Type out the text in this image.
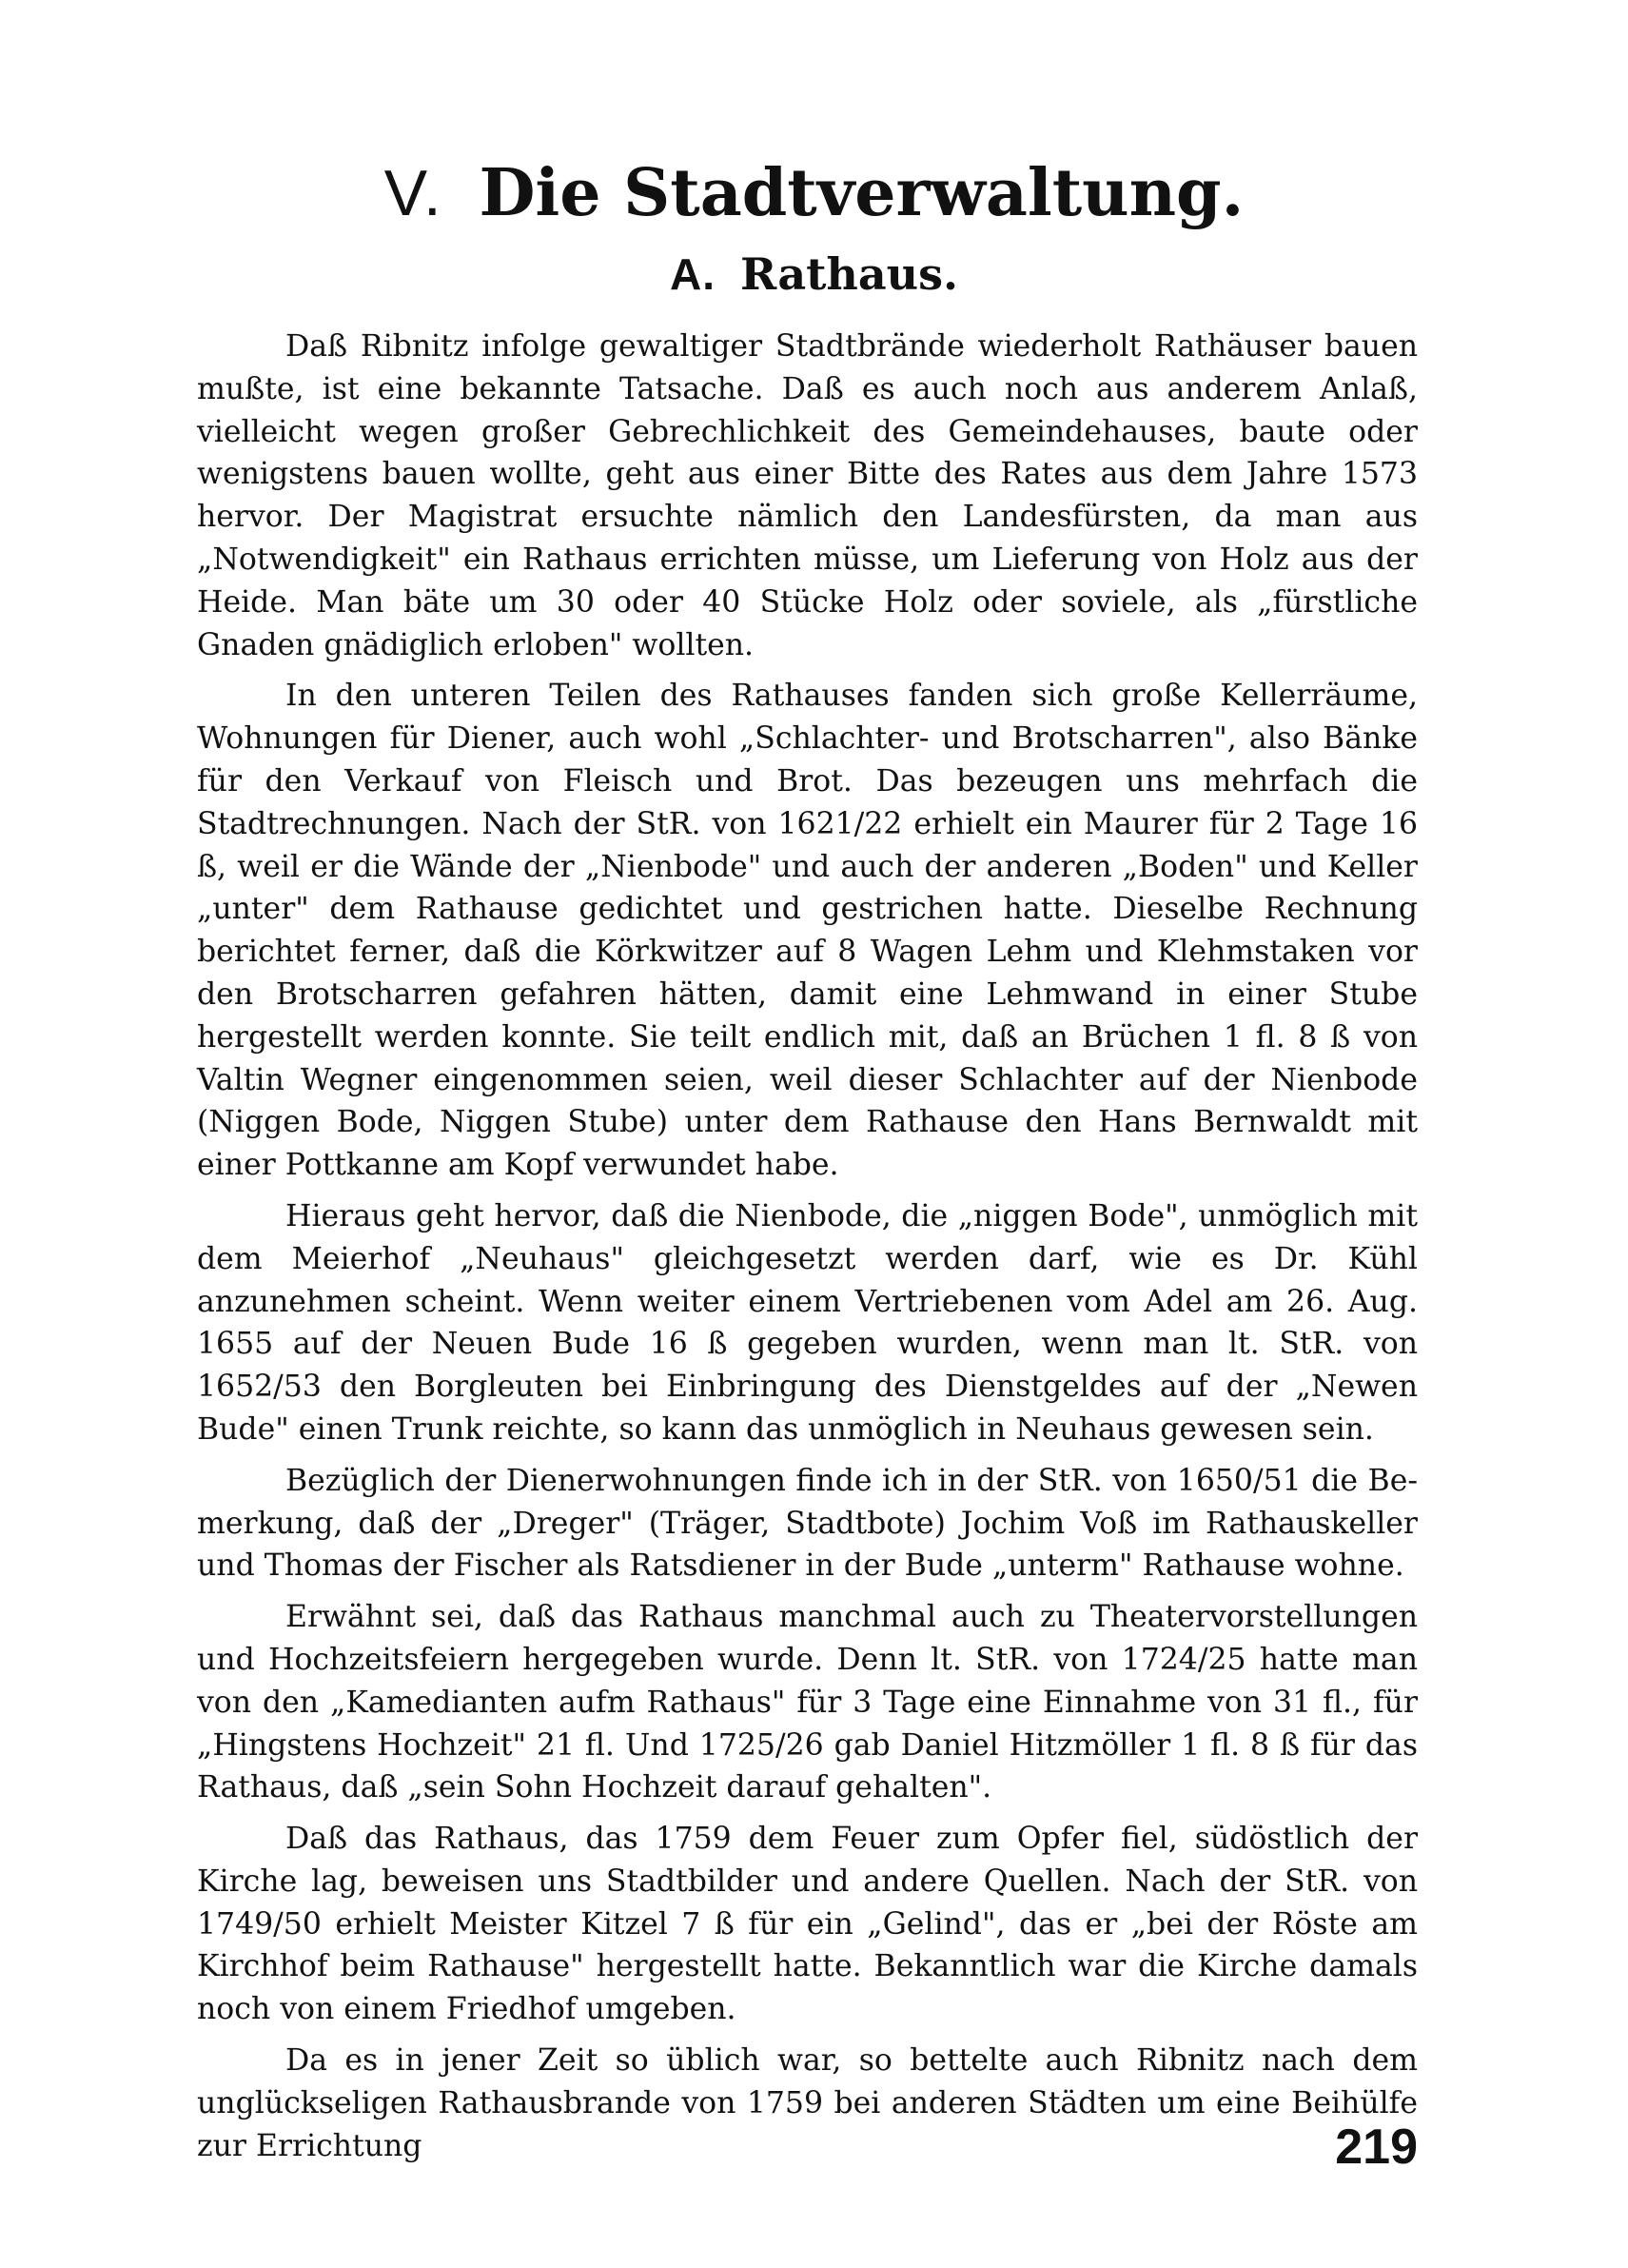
V. Die Stadtverwaltung.
A. Rathaus.

Daß Ribnitz infolge gewaltiger Stadtbrände wiederholt Rathäuser bauen mußte, ist eine bekannte Tatsache. Daß es auch noch aus anderem Anlaß, vielleicht wegen großer Gebrechlichkeit des Gemeindehauses, baute oder wenigstens bauen wollte, geht aus einer Bitte des Rates aus dem Jahre 1573 hervor. Der Magistrat ersuchte nämlich den Landesfürsten, da man aus „Notwendigkeit" ein Rathaus errichten müsse, um Lieferung von Holz aus der Heide. Man bäte um 30 oder 40 Stücke Holz oder soviele, als „fürstliche Gnaden gnädiglich erloben" wollten.

In den unteren Teilen des Rathauses fanden sich große Kellerräume, Wohnungen für Diener, auch wohl „Schlachter- und Brotscharren", also Bänke für den Verkauf von Fleisch und Brot. Das bezeugen uns mehrfach die Stadtrechnungen. Nach der StR. von 1621/22 erhielt ein Maurer für 2 Tage 16 ß, weil er die Wände der „Nienbode" und auch der anderen „Boden" und Keller „unter" dem Rathause gedichtet und gestrichen hatte. Dieselbe Rechnung berichtet ferner, daß die Körkwitzer auf 8 Wagen Lehm und Klehmstaken vor den Brotscharren gefahren hätten, damit eine Lehmwand in einer Stube hergestellt werden konnte. Sie teilt endlich mit, daß an Brüchen 1 fl. 8 ß von Valtin Wegner eingenommen seien, weil dieser Schlachter auf der Nienbode (Niggen Bode, Niggen Stube) unter dem Rathause den Hans Bernwaldt mit einer Pottkanne am Kopf verwundet habe.

Hieraus geht hervor, daß die Nienbode, die „niggen Bode", unmöglich mit dem Meierhof „Neuhaus" gleichgesetzt werden darf, wie es Dr. Kühl anzunehmen scheint. Wenn weiter einem Vertriebenen vom Adel am 26. Aug. 1655 auf der Neuen Bude 16 ß gegeben wurden, wenn man lt. StR. von 1652/53 den Borgleuten bei Einbringung des Dienstgeldes auf der „Newen Bude" einen Trunk reichte, so kann das unmöglich in Neuhaus gewesen sein.

Bezüglich der Dienerwohnungen finde ich in der StR. von 1650/51 die Bemerkung, daß der „Dreger" (Träger, Stadtbote) Jochim Voß im Rathauskeller und Thomas der Fischer als Ratsdiener in der Bude „unterm" Rathause wohne.

Erwähnt sei, daß das Rathaus manchmal auch zu Theatervorstellungen und Hochzeitsfeiern hergegeben wurde. Denn lt. StR. von 1724/25 hatte man von den „Kamedianten aufm Rathaus" für 3 Tage eine Einnahme von 31 fl., für „Hingstens Hochzeit" 21 fl. Und 1725/26 gab Daniel Hitzmöller 1 fl. 8 ß für das Rathaus, daß „sein Sohn Hochzeit darauf gehalten".

Daß das Rathaus, das 1759 dem Feuer zum Opfer fiel, südöstlich der Kirche lag, beweisen uns Stadtbilder und andere Quellen. Nach der StR. von 1749/50 erhielt Meister Kitzel 7 ß für ein „Gelind", das er „bei der Röste am Kirchhof beim Rathause" hergestellt hatte. Bekanntlich war die Kirche damals noch von einem Friedhof umgeben.

Da es in jener Zeit so üblich war, so bettelte auch Ribnitz nach dem unglückseligen Rathausbrande von 1759 bei anderen Städten um eine Beihülfe zur Errichtung	219
